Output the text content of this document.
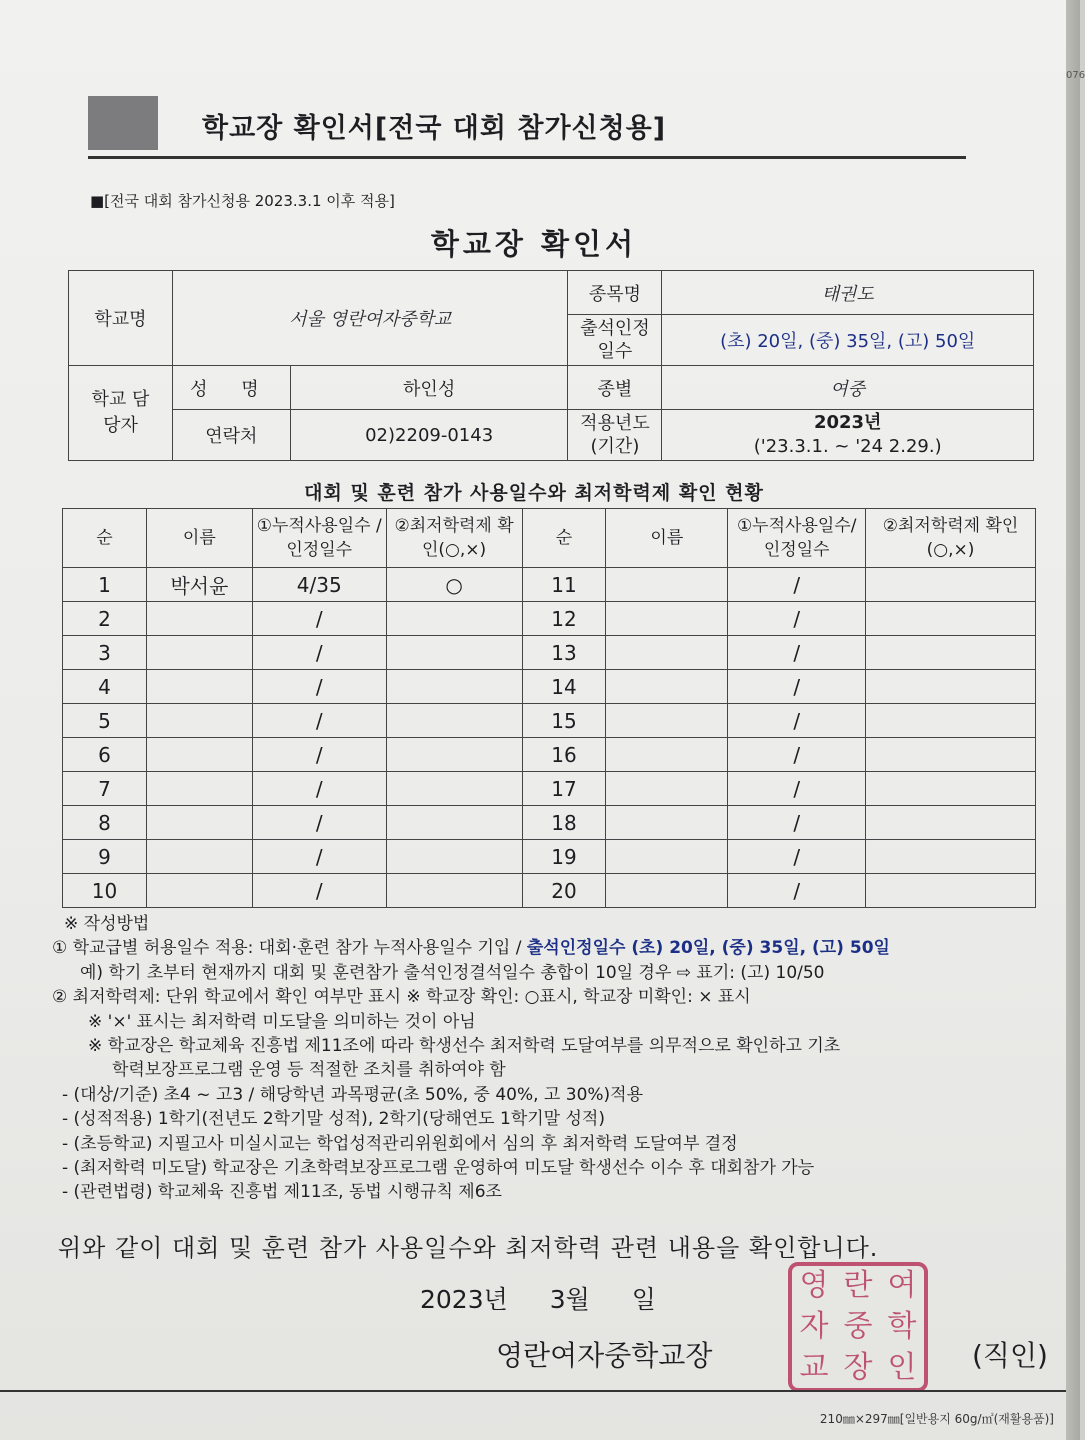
학교장 확인서[전국 대회 참가신청용]
■[전국 대회 참가신청용 2023.3.1 이후 적용]
학교장 확인서
학교명	서울 영란여자중학교		종목명	태권도
			출석인정 일수	(초) 20일, (중) 35일, (고) 50일
학교 담당자	성 명	하인성	종별	여중
	연락처	02)2209-0143	적용년도 (기간)	2023년
('23.3.1. ~ '24 2.29.)
대회 및 훈련 참가 사용일수와 최저학력제 확인 현황
순	이름	①누적사용일수 /인정일수	②최저학력제 확인(○,×)	순	이름	①누적사용일수/ 인정일수	②최저학력제 확인(○,×)
1	박서윤	4/35	○	11		/	
2		/		12		/	
3		/		13		/	
4		/		14		/	
5		/		15		/	
6		/		16		/	
7		/		17		/	
8		/		18		/	
9		/		19		/	
10		/		20		/	
※ 작성방법
① 학교급별 허용일수 적용: 대회·훈련 참가 누적사용일수 기입 / 출석인정일수 (초) 20일, (중) 35일, (고) 50일
예) 학기 초부터 현재까지 대회 및 훈련참가 출석인정결석일수 총합이 10일 경우 ⇨ 표기: (고) 10/50
② 최저학력제: 단위 학교에서 확인 여부만 표시 ※ 학교장 확인: ○표시, 학교장 미확인: × 표시
※ '×' 표시는 최저학력 미도달을 의미하는 것이 아님
※ 학교장은 학교체육 진흥법 제11조에 따라 학생선수 최저학력 도달여부를 의무적으로 확인하고 기초
학력보장프로그램 운영 등 적절한 조치를 취하여야 함
- (대상/기준) 초4 ~ 고3 / 해당학년 과목평균(초 50%, 중 40%, 고 30%)적용
- (성적적용) 1학기(전년도 2학기말 성적), 2학기(당해연도 1학기말 성적)
- (초등학교) 지필고사 미실시교는 학업성적관리위원회에서 심의 후 최저학력 도달여부 결정
- (최저학력 미도달) 학교장은 기초학력보장프로그램 운영하여 미도달 학생선수 이수 후 대회참가 가능
- (관련법령) 학교체육 진흥법 제11조, 동법 시행규칙 제6조
위와 같이 대회 및 훈련 참가 사용일수와 최저학력 관련 내용을 확인합니다.
2023년 3월 일
영란여자중학교장
영 란 여
자 중 학
교 장 인 (직인)
210㎜×297㎜[일반용지 60g/㎡(재활용품)]
076
